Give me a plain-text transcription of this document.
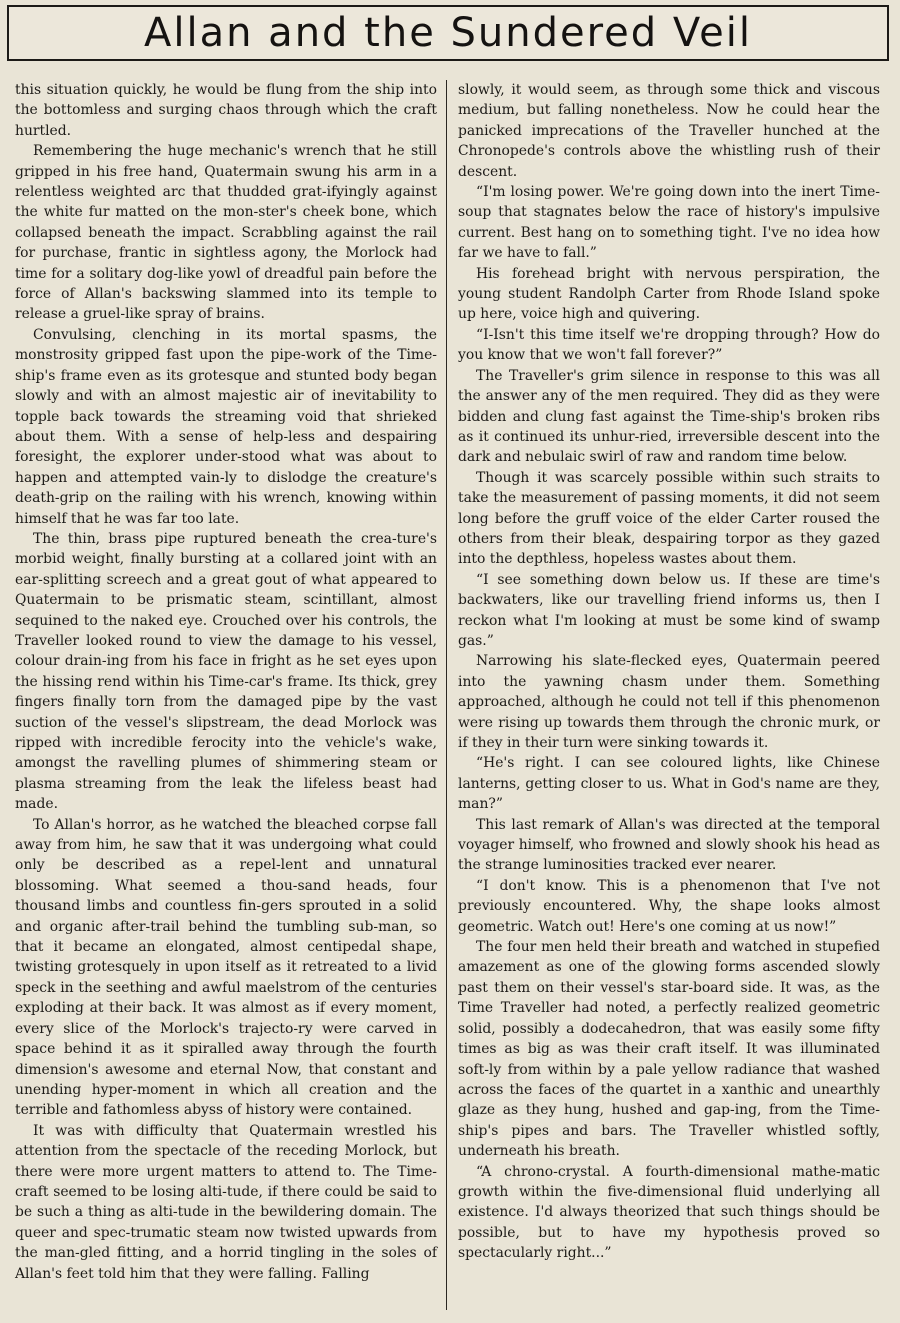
Allan and the Sundered Veil

this situation quickly, he would be flung from the ship into the bottomless and surging chaos through which the craft hurtled.

Remembering the huge mechanic's wrench that he still gripped in his free hand, Quatermain swung his arm in a relentless weighted arc that thudded grat-ifyingly against the white fur matted on the mon-ster's cheek bone, which collapsed beneath the impact. Scrabbling against the rail for purchase, frantic in sightless agony, the Morlock had time for a solitary dog-like yowl of dreadful pain before the force of Allan's backswing slammed into its temple to release a gruel-like spray of brains.

Convulsing, clenching in its mortal spasms, the monstrosity gripped fast upon the pipe-work of the Time-ship's frame even as its grotesque and stunted body began slowly and with an almost majestic air of inevitability to topple back towards the streaming void that shrieked about them. With a sense of help-less and despairing foresight, the explorer under-stood what was about to happen and attempted vain-ly to dislodge the creature's death-grip on the railing with his wrench, knowing within himself that he was far too late.

The thin, brass pipe ruptured beneath the crea-ture's morbid weight, finally bursting at a collared joint with an ear-splitting screech and a great gout of what appeared to Quatermain to be prismatic steam, scintillant, almost sequined to the naked eye. Crouched over his controls, the Traveller looked round to view the damage to his vessel, colour drain-ing from his face in fright as he set eyes upon the hissing rend within his Time-car's frame. Its thick, grey fingers finally torn from the damaged pipe by the vast suction of the vessel's slipstream, the dead Morlock was ripped with incredible ferocity into the vehicle's wake, amongst the ravelling plumes of shimmering steam or plasma streaming from the leak the lifeless beast had made.

To Allan's horror, as he watched the bleached corpse fall away from him, he saw that it was undergoing what could only be described as a repel-lent and unnatural blossoming. What seemed a thou-sand heads, four thousand limbs and countless fin-gers sprouted in a solid and organic after-trail behind the tumbling sub-man, so that it became an elongated, almost centipedal shape, twisting grotesquely in upon itself as it retreated to a livid speck in the seething and awful maelstrom of the centuries exploding at their back. It was almost as if every moment, every slice of the Morlock's trajecto-ry were carved in space behind it as it spiralled away through the fourth dimension's awesome and eternal Now, that constant and unending hyper-moment in which all creation and the terrible and fathomless abyss of history were contained.

It was with difficulty that Quatermain wrestled his attention from the spectacle of the receding Morlock, but there were more urgent matters to attend to. The Time-craft seemed to be losing alti-tude, if there could be said to be such a thing as alti-tude in the bewildering domain. The queer and spec-trumatic steam now twisted upwards from the man-gled fitting, and a horrid tingling in the soles of Allan's feet told him that they were falling. Falling

slowly, it would seem, as through some thick and viscous medium, but falling nonetheless. Now he could hear the panicked imprecations of the Traveller hunched at the Chronopede's controls above the whistling rush of their descent.

“I'm losing power. We're going down into the inert Time-soup that stagnates below the race of history's impulsive current. Best hang on to something tight. I've no idea how far we have to fall.”

His forehead bright with nervous perspiration, the young student Randolph Carter from Rhode Island spoke up here, voice high and quivering.

“I-Isn't this time itself we're dropping through? How do you know that we won't fall forever?”

The Traveller's grim silence in response to this was all the answer any of the men required. They did as they were bidden and clung fast against the Time-ship's broken ribs as it continued its unhur-ried, irreversible descent into the dark and nebulaic swirl of raw and random time below.

Though it was scarcely possible within such straits to take the measurement of passing moments, it did not seem long before the gruff voice of the elder Carter roused the others from their bleak, despairing torpor as they gazed into the depthless, hopeless wastes about them.

“I see something down below us. If these are time's backwaters, like our travelling friend informs us, then I reckon what I'm looking at must be some kind of swamp gas.”

Narrowing his slate-flecked eyes, Quatermain peered into the yawning chasm under them. Something approached, although he could not tell if this phenomenon were rising up towards them through the chronic murk, or if they in their turn were sinking towards it.

“He's right. I can see coloured lights, like Chinese lanterns, getting closer to us. What in God's name are they, man?”

This last remark of Allan's was directed at the temporal voyager himself, who frowned and slowly shook his head as the strange luminosities tracked ever nearer.

“I don't know. This is a phenomenon that I've not previously encountered. Why, the shape looks almost geometric. Watch out! Here's one coming at us now!”

The four men held their breath and watched in stupefied amazement as one of the glowing forms ascended slowly past them on their vessel's star-board side. It was, as the Time Traveller had noted, a perfectly realized geometric solid, possibly a dodecahedron, that was easily some fifty times as big as was their craft itself. It was illuminated soft-ly from within by a pale yellow radiance that washed across the faces of the quartet in a xanthic and unearthly glaze as they hung, hushed and gap-ing, from the Time-ship's pipes and bars. The Traveller whistled softly, underneath his breath.

“A chrono-crystal. A fourth-dimensional mathe-matic growth within the five-dimensional fluid underlying all existence. I'd always theorized that such things should be possible, but to have my hypothesis proved so spectacularly right...”
